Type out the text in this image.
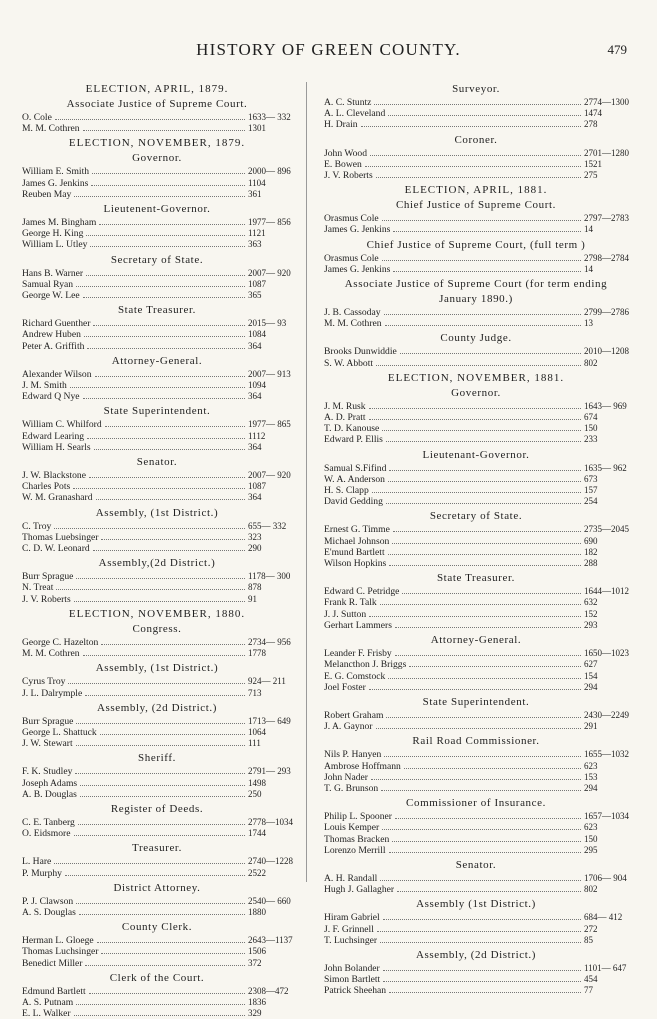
HISTORY OF GREEN COUNTY.	479
ELECTION, APRIL, 1879.
Associate Justice of Supreme Court.
O. Cole	1633— 332
M. M. Cothren	1301
ELECTION, NOVEMBER, 1879.
Governor.
William E. Smith	2000— 896
James G. Jenkins	1104
Reuben May	361
Lieutenent-Governor.
James M. Bingham	1977— 856
George H. King	1121
William L. Utley	363
Secretary of State.
Hans B. Warner	2007— 920
Samual Ryan	1087
George W. Lee	365
State Treasurer.
Richard Guenther	2015— 93
Andrew Huben	1084
Peter A. Griffith	364
Attorney-General.
Alexander Wilson	2007— 913
J. M. Smith	1094
Edward Q Nye	364
State Superintendent.
William C. Whilford	1977— 865
Edward Learing	1112
William H. Searls	364
Senator.
J. W. Blackstone	2007— 920
Charles Pots	1087
W. M. Granashard	364
Assembly, (1st District.)
C. Troy	655— 332
Thomas Luebsinger	323
C. D. W. Leonard	290
Assembly,(2d District.)
Burr Sprague	1178— 300
N. Treat	878
J. V. Roberts	91
ELECTION, NOVEMBER, 1880.
Congress.
George C. Hazelton	2734— 956
M. M. Cothren	1778
Assembly, (1st District.)
Cyrus Troy	924— 211
J. L. Dalrymple	713
Assembly, (2d District.)
Burr Sprague	1713— 649
George L. Shattuck	1064
J. W. Stewart	111
Sheriff.
F. K. Studley	2791— 293
Joseph Adams	1498
A. B. Douglas	250
Register of Deeds.
C. E. Tanberg	2778—1034
O. Eidsmore	1744
Treasurer.
L. Hare	2740—1228
P. Murphy	2522
District Attorney.
P. J. Clawson	2540— 660
A. S. Douglas	1880
County Clerk.
Herman L. Gloege	2643—1137
Thomas Luchsinger	1506
Benedict Miller	372
Clerk of the Court.
Edmund Bartlett	2308—472
A. S. Putnam	1836
E. L. Walker	329
Surveyor.
A. C. Stuntz	2774—1300
A. L. Cleveland	1474
H. Drain	278
Coroner.
John Wood	2701—1280
E. Bowen	1521
J. V. Roberts	275
ELECTION, APRIL, 1881.
Chief Justice of Supreme Court.
Orasmus Cole	2797—2783
James G. Jenkins	14
Chief Justice of Supreme Court, (full term )
Orasmus Cole	2798—2784
James G. Jenkins	14
Associate Justice of Supreme Court (for term ending January 1890.)
J. B. Cassoday	2799—2786
M. M. Cothren	13
County Judge.
Brooks Dunwiddie	2010—1208
S. W. Abbott	802
ELECTION, NOVEMBER, 1881.
Governor.
J. M. Rusk	1643— 969
A. D. Pratt	674
T. D. Kanouse	150
Edward P. Ellis	233
Lieutenant-Governor.
Samual S.Fifind	1635— 962
W. A. Anderson	673
H. S. Clapp	157
David Gedding	254
Secretary of State.
Ernest G. Timme	2735—2045
Michael Johnson	690
E'mund Bartlett	182
Wilson Hopkins	288
State Treasurer.
Edward C. Petridge	1644—1012
Frank R. Talk	632
J. J. Sutton	152
Gerhart Lammers	293
Attorney-General.
Leander F. Frisby	1650—1023
Melancthon J. Briggs	627
E. G. Comstock	154
Joel Foster	294
State Superintendent.
Robert Graham	2430—2249
J. A. Gaynor	291
Rail Road Commissioner.
Nils P. Hanyen	1655—1032
Ambrose Hoffmann	623
John Nader	153
T. G. Brunson	294
Commissioner of Insurance.
Philip L. Spooner	1657—1034
Louis Kemper	623
Thomas Bracken	150
Lorenzo Merrill	295
Senator.
A. H. Randall	1706— 904
Hugh J. Gallagher	802
Assembly (1st District.)
Hiram Gabriel	684— 412
J. F. Grinnell	272
T. Luchsinger	85
Assembly, (2d District.)
John Bolander	1101— 647
Simon Bartlett	454
Patrick Sheehan	77
